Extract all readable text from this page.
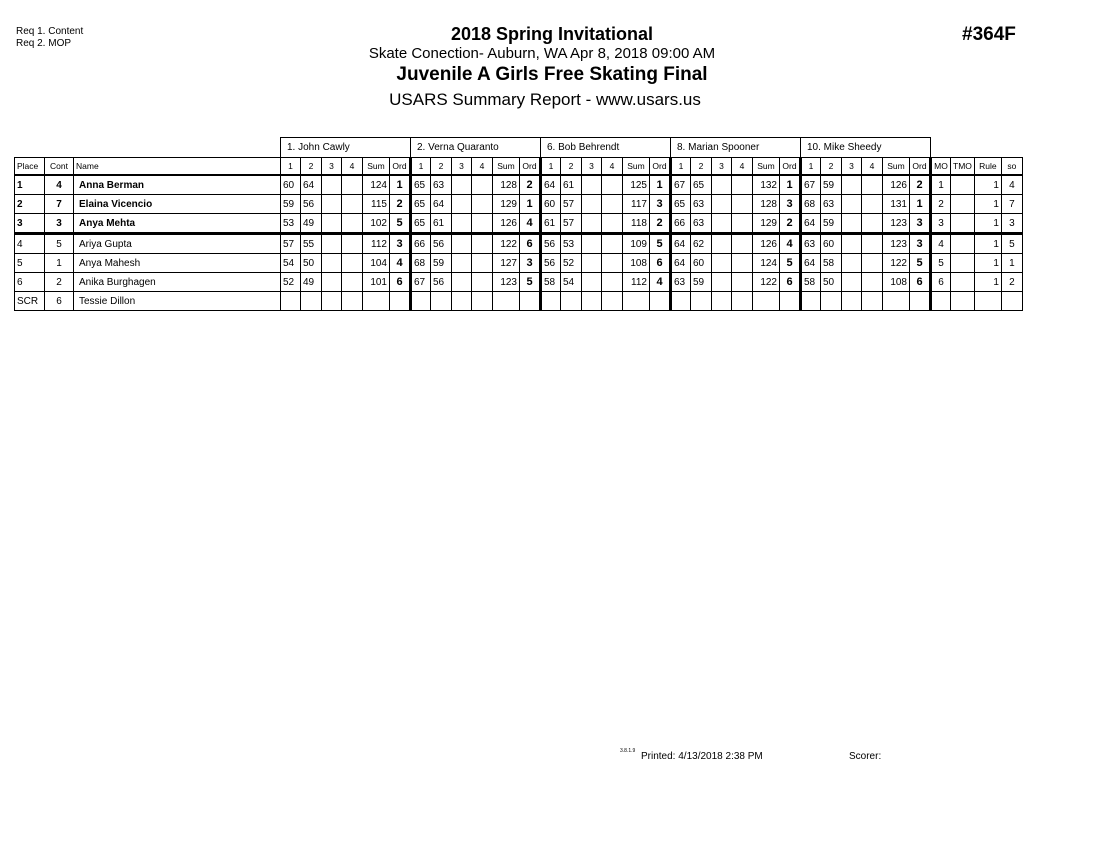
Req 1. Content
Req 2. MOP	2018 Spring Invitational
Skate Conection- Auburn, WA Apr 8, 2018 09:00 AM
Juvenile A Girls Free Skating Final
USARS Summary Report - www.usars.us
#364F
			1. John Cawly						2. Verna Quaranto						6. Bob Behrendt						8. Marian Spooner						10. Mike Sheedy									
Place	Cont	Name	1	2	3	4	Sum	Ord	1	2	3	4	Sum	Ord	1	2	3	4	Sum	Ord	1	2	3	4	Sum	Ord	1	2	3	4	Sum	Ord	MO	TMO	Rule	so
1	4	Anna Berman	60	64			124	1	65	63			128	2	64	61			125	1	67	65			132	1	67	59			126	2	1		1	4
2	7	Elaina Vicencio	59	56			115	2	65	64			129	1	60	57			117	3	65	63			128	3	68	63			131	1	2		1	7
3	3	Anya Mehta	53	49			102	5	65	61			126	4	61	57			118	2	66	63			129	2	64	59			123	3	3		1	3
4	5	Ariya Gupta	57	55			112	3	66	56			122	6	56	53			109	5	64	62			126	4	63	60			123	3	4		1	5
5	1	Anya Mahesh	54	50			104	4	68	59			127	3	56	52			108	6	64	60			124	5	64	58			122	5	5		1	1
6	2	Anika Burghagen	52	49			101	6	67	56			123	5	58	54			112	4	63	59			122	6	58	50			108	6	6		1	2
SCR	6	Tessie Dillon																																		
3.8.1.9 Printed: 4/13/2018 2:38 PM	Scorer:
